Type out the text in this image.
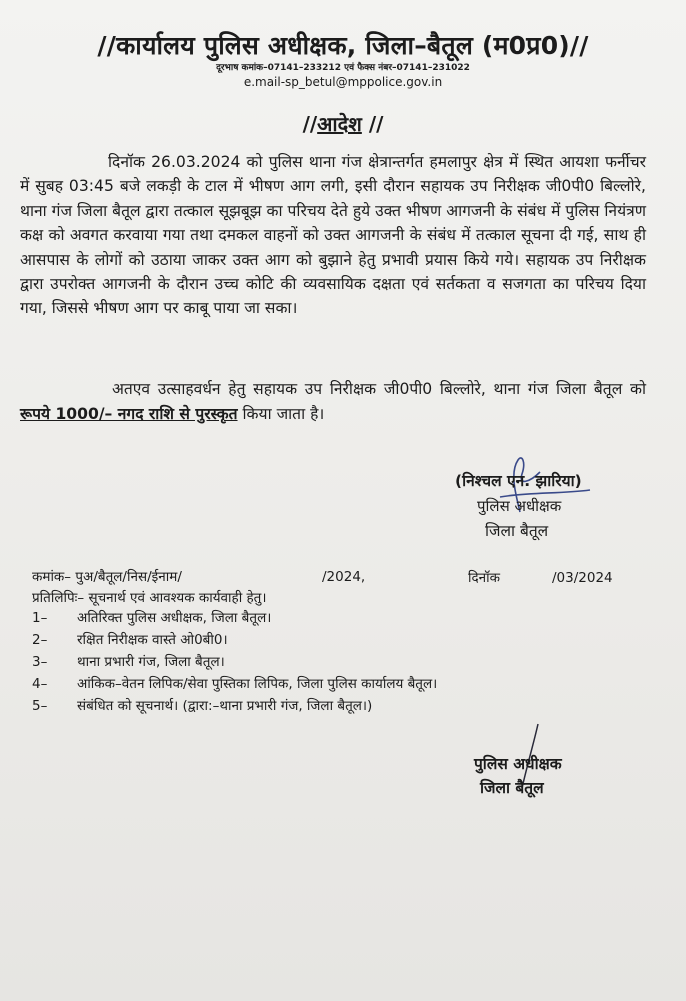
//कार्यालय पुलिस अधीक्षक, जिला–बैतूल (म0प्र0)//
दूरभाष कमांक–07141–233212 एवं फैक्स नंबर–07141–231022
e.mail-sp_betul@mppolice.gov.in
//आदेश //

दिनॉक 26.03.2024 को पुलिस थाना गंज क्षेत्रान्तर्गत हमलापुर क्षेत्र में स्थित आयशा फर्नीचर में सुबह 03:45 बजे लकड़ी के टाल में भीषण आग लगी, इसी दौरान सहायक उप निरीक्षक जी0पी0 बिल्लोरे, थाना गंज जिला बैतूल द्वारा तत्काल सूझबूझ का परिचय देते हुये उक्त भीषण आगजनी के संबंध में पुलिस नियंत्रण कक्ष को अवगत करवाया गया तथा दमकल वाहनों को उक्त आगजनी के संबंध में तत्काल सूचना दी गई, साथ ही आसपास के लोगों को उठाया जाकर उक्त आग को बुझाने हेतु प्रभावी प्रयास किये गये। सहायक उप निरीक्षक द्वारा उपरोक्त आगजनी के दौरान उच्च कोटि की व्यवसायिक दक्षता एवं सर्तकता व सजगता का परिचय दिया गया, जिससे भीषण आग पर काबू पाया जा सका।

अतएव उत्साहवर्धन हेतु सहायक उप निरीक्षक जी0पी0 बिल्लोरे, थाना गंज जिला बैतूल को रूपये 1000/– नगद राशि से पुरस्कृत किया जाता है।

(निश्चल एन. झारिया)
पुलिस अधीक्षक
जिला बैतूल
कमांक– पुअ/बैतूल/निस/ईनाम/	/2024,	दिनॉक	/03/2024
प्रतिलिपिः– सूचनार्थ एवं आवश्यक कार्यवाही हेतु।
1–	अतिरिक्त पुलिस अधीक्षक, जिला बैतूल।
2–	रक्षित निरीक्षक वास्ते ओ0बी0।
3–	थाना प्रभारी गंज, जिला बैतूल।
4–	आंकिक–वेतन लिपिक/सेवा पुस्तिका लिपिक, जिला पुलिस कार्यालय बैतूल।
5–	संबंधित को सूचनार्थ। (द्वारा:–थाना प्रभारी गंज, जिला बैतूल।)
पुलिस अधीक्षक
जिला बैतूल
